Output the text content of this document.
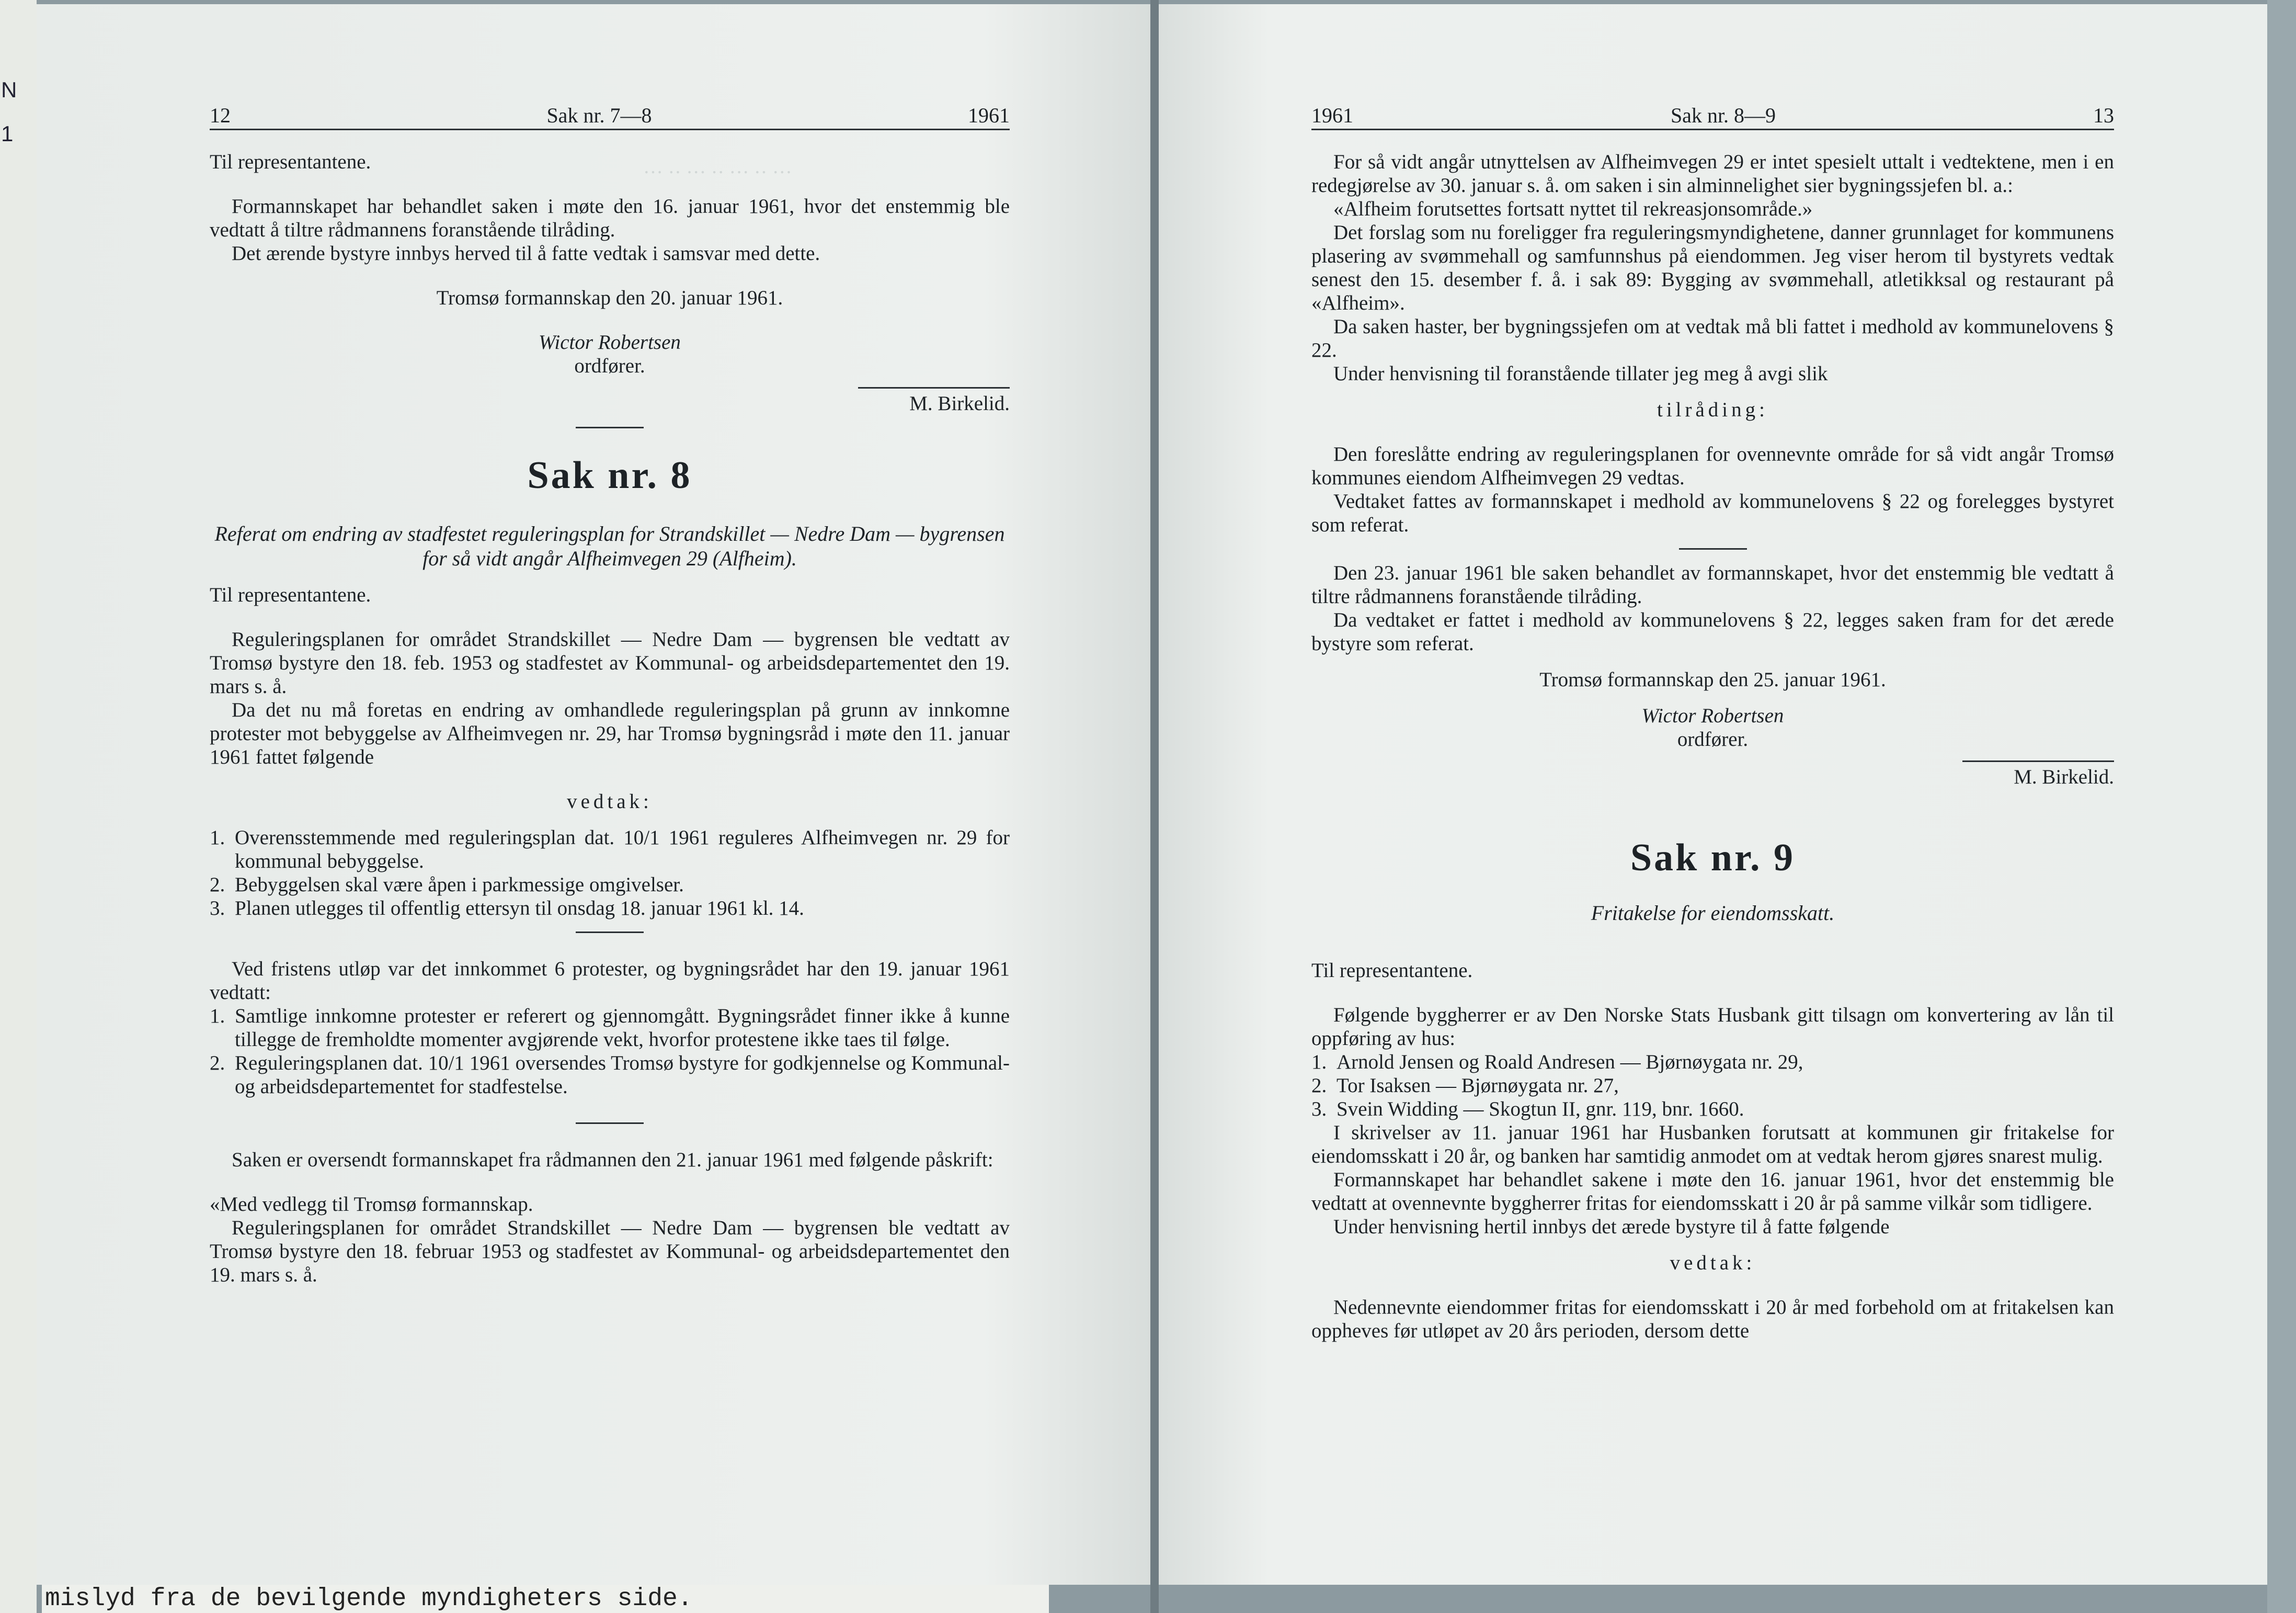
N
1
··· ·· ··· ·· ··· ·· ···
12	Sak nr. 7—8	1961

Til representantene.

Formannskapet har behandlet saken i møte den 16. januar 1961, hvor det enstemmig ble vedtatt å tiltre rådmannens foranstående tilråding.

Det ærende bystyre innbys herved til å fatte vedtak i samsvar med dette.

Tromsø formannskap den 20. januar 1961.

Wictor Robertsen

ordfører.

M. Birkelid.

Sak nr. 8

Referat om endring av stadfestet reguleringsplan for Strandskillet — Nedre Dam — bygrensen for så vidt angår Alfheimvegen 29 (Alfheim).

Til representantene.

Reguleringsplanen for området Strandskillet — Nedre Dam — bygrensen ble vedtatt av Tromsø bystyre den 18. feb. 1953 og stadfestet av Kommunal- og arbeidsdepartementet den 19. mars s. å.

Da det nu må foretas en endring av omhandlede reguleringsplan på grunn av innkomne protester mot bebyggelse av Alfheimvegen nr. 29, har Tromsø bygningsråd i møte den 11. januar 1961 fattet følgende

vedtak:

1. Overensstemmende med reguleringsplan dat. 10/1 1961 reguleres Alfheimvegen nr. 29 for kommunal bebyggelse.
2. Bebyggelsen skal være åpen i parkmessige omgivelser.
3. Planen utlegges til offentlig ettersyn til onsdag 18. januar 1961 kl. 14.

Ved fristens utløp var det innkommet 6 protester, og bygningsrådet har den 19. januar 1961 vedtatt:

1. Samtlige innkomne protester er referert og gjennomgått. Bygningsrådet finner ikke å kunne tillegge de fremholdte momenter avgjørende vekt, hvorfor protestene ikke taes til følge.
2. Reguleringsplanen dat. 10/1 1961 oversendes Tromsø bystyre for godkjennelse og Kommunal- og arbeidsdepartementet for stadfestelse.

Saken er oversendt formannskapet fra rådmannen den 21. januar 1961 med følgende påskrift:

«Med vedlegg til Tromsø formannskap.

Reguleringsplanen for området Strandskillet — Nedre Dam — bygrensen ble vedtatt av Tromsø bystyre den 18. februar 1953 og stadfestet av Kommunal- og arbeidsdepartementet den 19. mars s. å.

1961	Sak nr. 8—9	13

For så vidt angår utnyttelsen av Alfheimvegen 29 er intet spesielt uttalt i vedtektene, men i en redegjørelse av 30. januar s. å. om saken i sin alminnelighet sier bygningssjefen bl. a.:

«Alfheim forutsettes fortsatt nyttet til rekreasjonsområde.»

Det forslag som nu foreligger fra reguleringsmyndighetene, danner grunnlaget for kommunens plasering av svømmehall og samfunnshus på eiendommen. Jeg viser herom til bystyrets vedtak senest den 15. desember f. å. i sak 89: Bygging av svømmehall, atletikksal og restaurant på «Alfheim».

Da saken haster, ber bygningssjefen om at vedtak må bli fattet i medhold av kommunelovens § 22.

Under henvisning til foranstående tillater jeg meg å avgi slik

tilråding:

Den foreslåtte endring av reguleringsplanen for ovennevnte område for så vidt angår Tromsø kommunes eiendom Alfheimvegen 29 vedtas.

Vedtaket fattes av formannskapet i medhold av kommunelovens § 22 og forelegges bystyret som referat.

Den 23. januar 1961 ble saken behandlet av formannskapet, hvor det enstemmig ble vedtatt å tiltre rådmannens foranstående tilråding.

Da vedtaket er fattet i medhold av kommunelovens § 22, legges saken fram for det ærede bystyre som referat.

Tromsø formannskap den 25. januar 1961.

Wictor Robertsen

ordfører.

M. Birkelid.

Sak nr. 9

Fritakelse for eiendomsskatt.

Til representantene.

Følgende byggherrer er av Den Norske Stats Husbank gitt tilsagn om konvertering av lån til oppføring av hus:

1. Arnold Jensen og Roald Andresen — Bjørnøygata nr. 29,
2. Tor Isaksen — Bjørnøygata nr. 27,
3. Svein Widding — Skogtun II, gnr. 119, bnr. 1660.

I skrivelser av 11. januar 1961 har Husbanken forutsatt at kommunen gir fritakelse for eiendomsskatt i 20 år, og banken har samtidig anmodet om at vedtak herom gjøres snarest mulig.

Formannskapet har behandlet sakene i møte den 16. januar 1961, hvor det enstemmig ble vedtatt at ovennevnte byggherrer fritas for eiendomsskatt i 20 år på samme vilkår som tidligere.

Under henvisning hertil innbys det ærede bystyre til å fatte følgende

vedtak:

Nedennevnte eiendommer fritas for eiendomsskatt i 20 år med forbehold om at fritakelsen kan oppheves før utløpet av 20 års perioden, dersom dette

mislyd fra de bevilgende myndigheters side.
